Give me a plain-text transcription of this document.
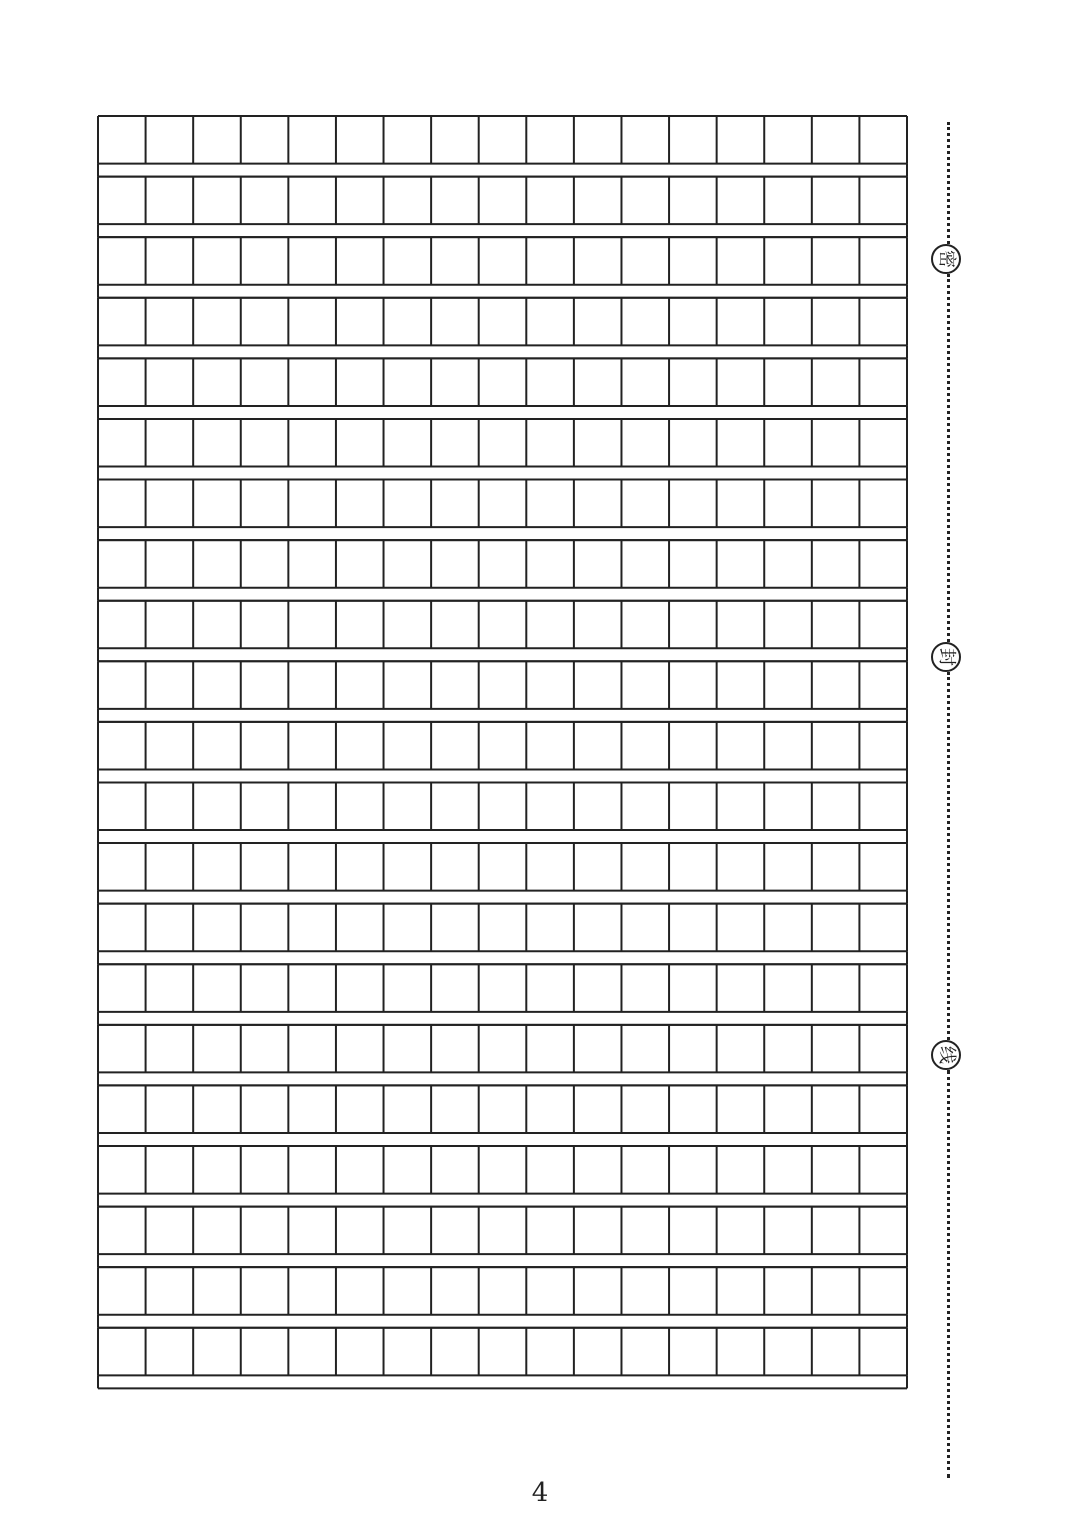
密
封
线
4
